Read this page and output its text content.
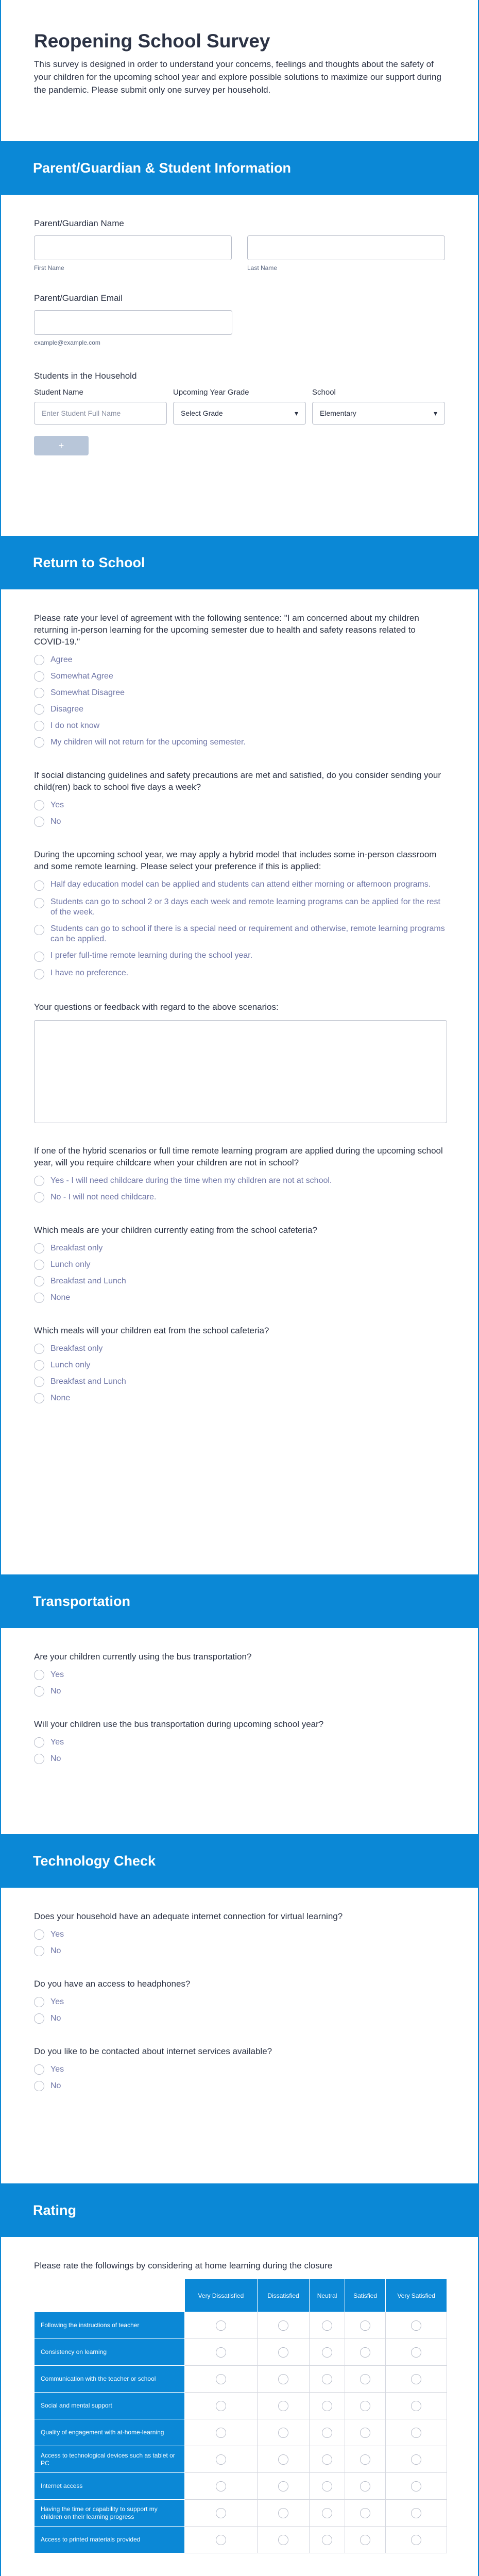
Reopening School Survey

This survey is designed in order to understand your concerns, feelings and thoughts about the safety of your children for the upcoming school year and explore possible solutions to maximize our support during the pandemic. Please submit only one survey per household.

Parent/Guardian & Student Information
Parent/Guardian Name
First Name	Last Name
Parent/Guardian Email
example@example.com
Students in the Household
Student Name	Upcoming Year Grade	School
Enter Student Full Name	Select Grade	▾	Elementary	▾
+
Return to School
Please rate your level of agreement with the following sentence: "I am concerned about my children returning in-person learning for the upcoming semester due to health and safety reasons related to COVID-19."
Agree
Somewhat Agree
Somewhat Disagree
Disagree
I do not know
My children will not return for the upcoming semester.
If social distancing guidelines and safety precautions are met and satisfied, do you consider sending your child(ren) back to school five days a week?
Yes
No
During the upcoming school year, we may apply a hybrid model that includes some in-person classroom and some remote learning. Please select your preference if this is applied:
Half day education model can be applied and students can attend either morning or afternoon programs.
Students can go to school 2 or 3 days each week and remote learning programs can be applied for the rest of the week.
Students can go to school if there is a special need or requirement and otherwise, remote learning programs can be applied.
I prefer full-time remote learning during the school year.
I have no preference.
Your questions or feedback with regard to the above scenarios:
If one of the hybrid scenarios or full time remote learning program are applied during the upcoming school year, will you require childcare when your children are not in school?
Yes - I will need childcare during the time when my children are not at school.
No - I will not need childcare.
Which meals are your children currently eating from the school cafeteria?
Breakfast only
Lunch only
Breakfast and Lunch
None
Which meals will your children eat from the school cafeteria?
Breakfast only
Lunch only
Breakfast and Lunch
None
Transportation
Are your children currently using the bus transportation?
Yes
No
Will your children use the bus transportation during upcoming school year?
Yes
No
Technology Check
Does your household have an adequate internet connection for virtual learning?
Yes
No
Do you have an access to headphones?
Yes
No
Do you like to be contacted about internet services available?
Yes
No
Rating
Please rate the followings by considering at home learning during the closure
	Very Dissatisfied	Dissatisfied	Neutral	Satisfied	Very Satisfied
Following the instructions of teacher					
Consistency on learning					
Communication with the teacher or school					
Social and mental support					
Quality of engagement with at-home-learning					
Access to technological devices such as tablet or PC					
Internet access					
Having the time or capability to support my children on their learning progress					
Access to printed materials provided					
